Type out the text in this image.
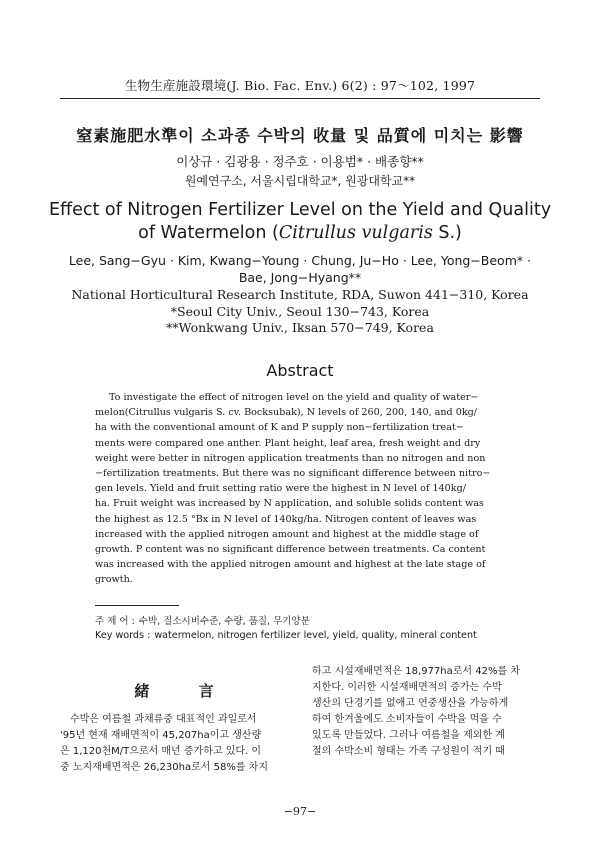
生物生産施設環境(J. Bio. Fac. Env.) 6(2) : 97～102, 1997
窒素施肥水準이 소과종 수박의 收量 및 品質에 미치는 影響
이상규 · 김광용 · 정주호 · 이용범* · 배종향**
원예연구소, 서울시립대학교*, 원광대학교**
Effect of Nitrogen Fertilizer Level on the Yield and Quality
of Watermelon (Citrullus vulgaris S.)
Lee, Sang−Gyu · Kim, Kwang−Young · Chung, Ju−Ho · Lee, Yong−Beom* ·
Bae, Jong−Hyang**
National Horticultural Research Institute, RDA, Suwon 441−310, Korea
*Seoul City Univ., Seoul 130−743, Korea
**Wonkwang Univ., Iksan 570−749, Korea
Abstract
To investigate the effect of nitrogen level on the yield and quality of water−
melon(Citrullus vulgaris S. cv. Bocksubak), N levels of 260, 200, 140, and 0kg/
ha with the conventional amount of K and P supply non−fertilization treat−
ments were compared one anther. Plant height, leaf area, fresh weight and dry
weight were better in nitrogen application treatments than no nitrogen and non
−fertilization treatments. But there was no significant difference between nitro−
gen levels. Yield and fruit setting ratio were the highest in N level of 140kg/
ha. Fruit weight was increased by N application, and soluble solids content was
the highest as 12.5 °Bx in N level of 140kg/ha. Nitrogen content of leaves was
increased with the applied nitrogen amount and highest at the middle stage of
growth. P content was no significant difference between treatments. Ca content
was increased with the applied nitrogen amount and highest at the late stage of
growth.
주 제 어 : 수박, 질소시비수준, 수량, 품질, 무기양분
Key words : watermelon, nitrogen fertilizer level, yield, quality, mineral content
緒 言
수박은 여름철 과채류중 대표적인 과일로서
'95년 현재 재배면적이 45,207ha이고 생산량
은 1,120천M/T으로서 매년 증가하고 있다. 이
중 노지재배면적은 26,230ha로서 58%를 차지
하고 시설재배면적은 18,977ha로서 42%를 차
지한다. 이러한 시설재배면적의 증가는 수박
생산의 단경기를 없애고 연중생산을 가능하게
하여 한겨울에도 소비자들이 수박을 먹을 수
있도록 만들었다. 그러나 여름철을 제외한 계
절의 수박소비 형태는 가족 구성원이 적기 때
−97−
